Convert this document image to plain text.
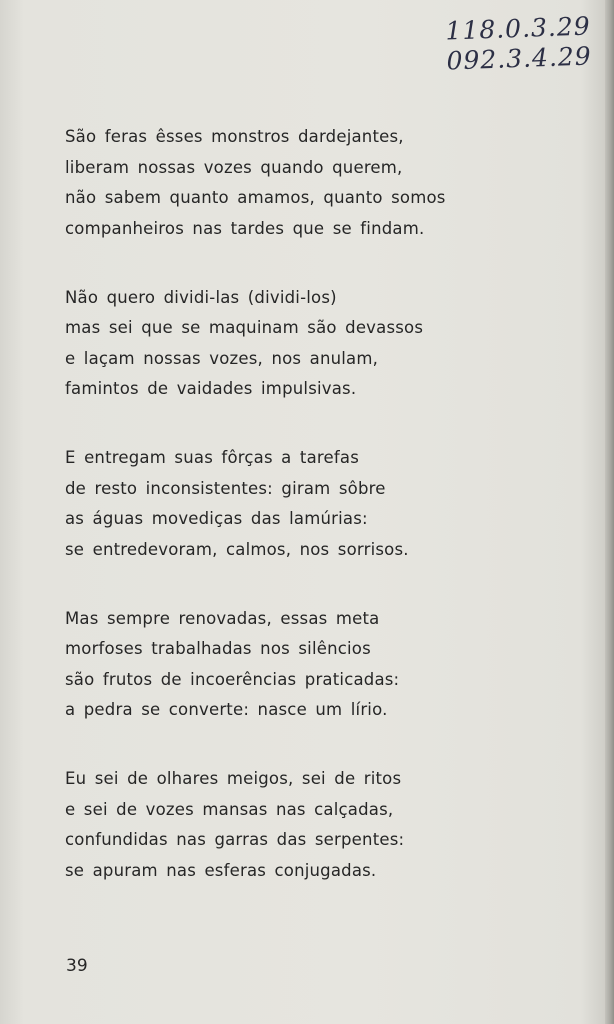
118.0.3.29
092.3.4.29
São feras êsses monstros dardejantes,
liberam nossas vozes quando querem,
não sabem quanto amamos, quanto somos
companheiros nas tardes que se findam.
Não quero dividi-las (dividi-los)
mas sei que se maquinam são devassos
e laçam nossas vozes, nos anulam,
famintos de vaidades impulsivas.
E entregam suas fôrças a tarefas
de resto inconsistentes: giram sôbre
as águas movediças das lamúrias:
se entredevoram, calmos, nos sorrisos.
Mas sempre renovadas, essas meta
morfoses trabalhadas nos silêncios
são frutos de incoerências praticadas:
a pedra se converte: nasce um lírio.
Eu sei de olhares meigos, sei de ritos
e sei de vozes mansas nas calçadas,
confundidas nas garras das serpentes:
se apuram nas esferas conjugadas.
39
